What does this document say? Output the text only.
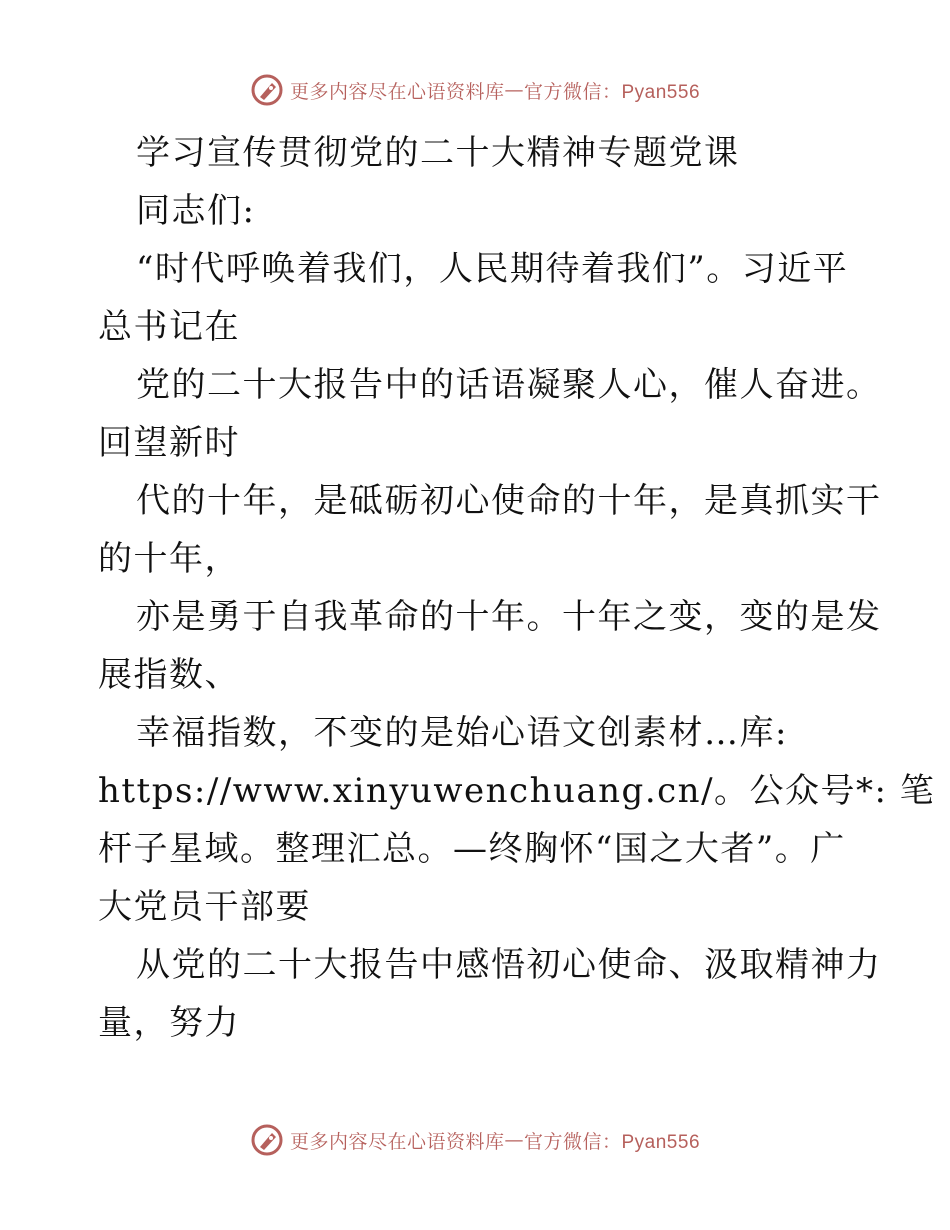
更多内容尽在心语资料库 — 官方微信：Pyan556
学习宣传贯彻党的二十大精神专题党课
同志们:
“时代呼唤着我们，人民期待着我们”。习近平
总书记在
党的二十大报告中的话语凝聚人心，催人奋进。
回望新时
代的十年，是砥砺初心使命的十年，是真抓实干
的十年，
亦是勇于自我革命的十年。十年之变，变的是发
展指数、
幸福指数，不变的是始心语文创素材…库:
https://www.xinyuwenchuang.cn/。公众号*: 笔
杆子星域。整理汇总。—终胸怀“国之大者”。广
大党员干部要
从党的二十大报告中感悟初心使命、汲取精神力
量，努力
更多内容尽在心语资料库 — 官方微信：Pyan556
